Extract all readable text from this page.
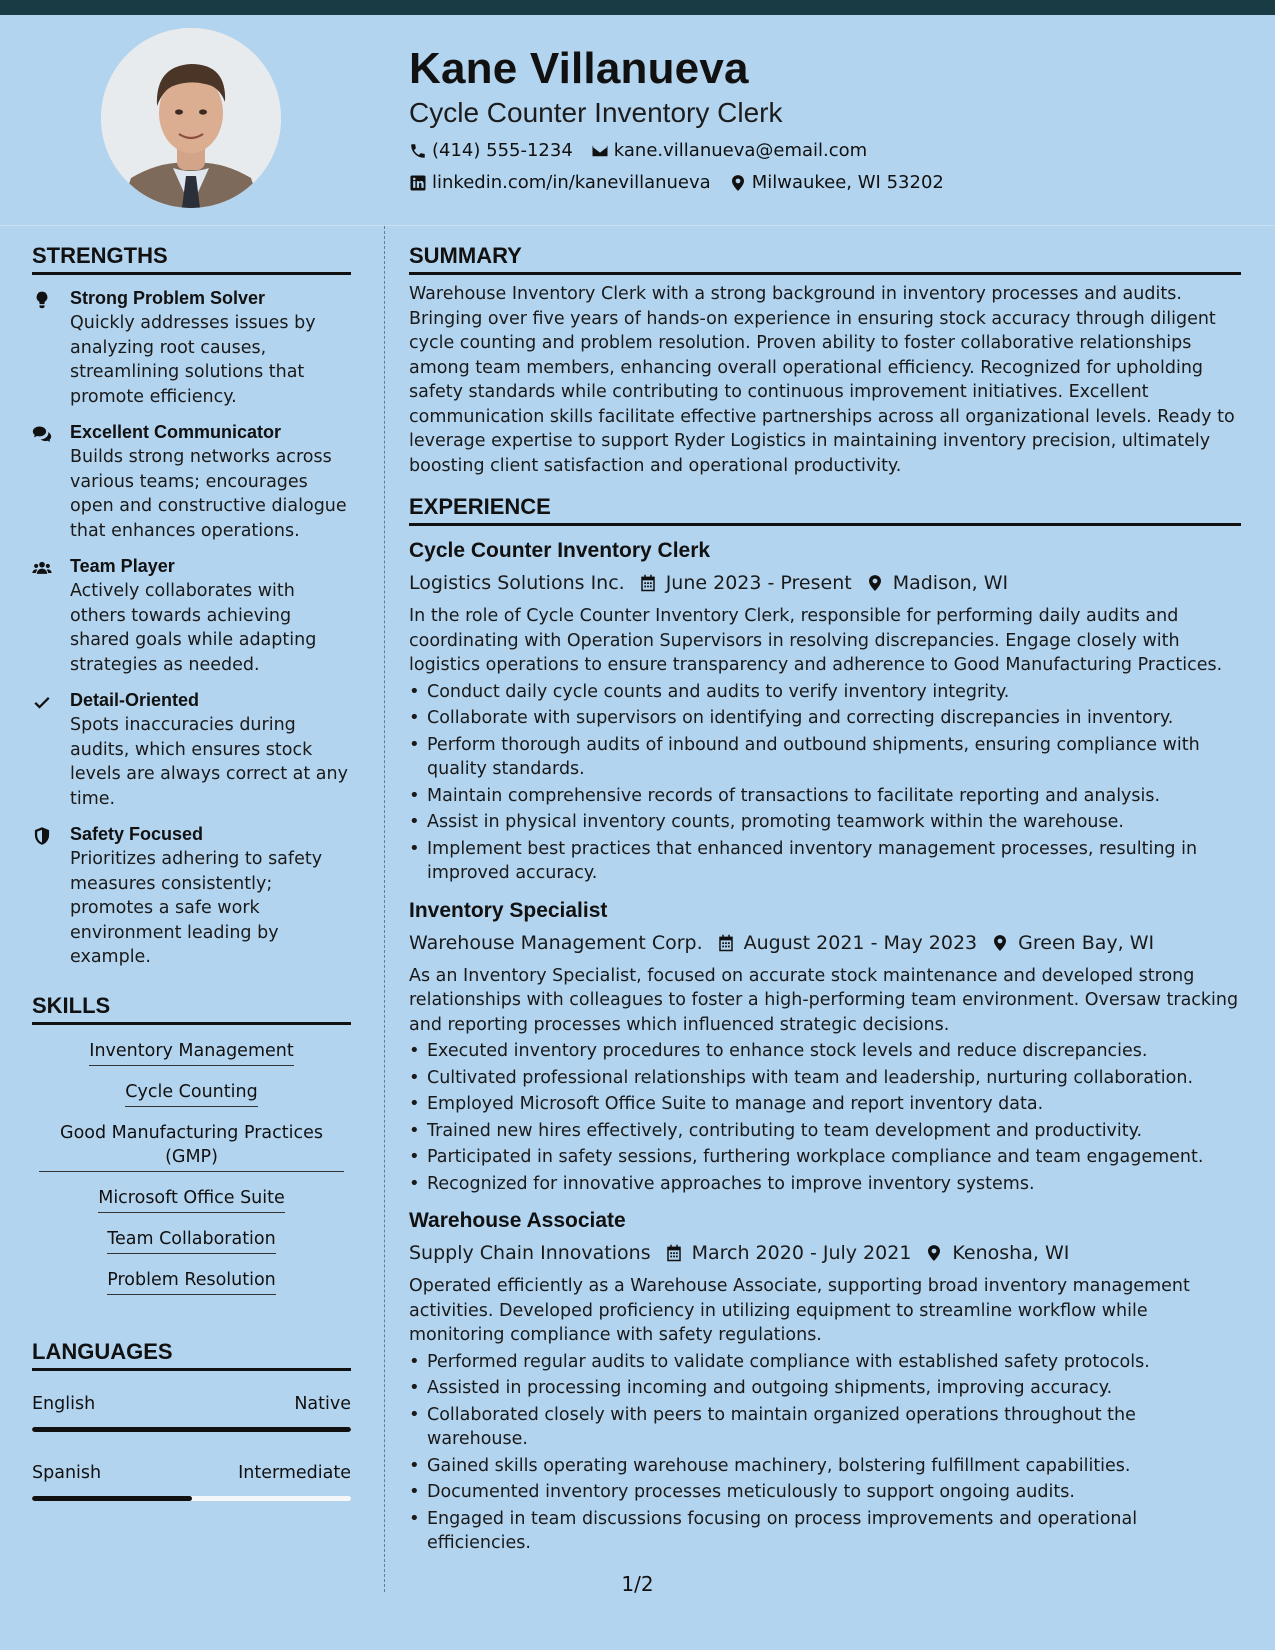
Kane Villanueva
Cycle Counter Inventory Clerk
(414) 555-1234 kane.villanueva@email.com
linkedin.com/in/kanevillanueva Milwaukee, WI 53202
STRENGTHS
Strong Problem Solver
Quickly addresses issues by analyzing root causes, streamlining solutions that promote efficiency.
Excellent Communicator
Builds strong networks across various teams; encourages open and constructive dialogue that enhances operations.
Team Player
Actively collaborates with others towards achieving shared goals while adapting strategies as needed.
Detail-Oriented
Spots inaccuracies during audits, which ensures stock levels are always correct at any time.
Safety Focused
Prioritizes adhering to safety measures consistently; promotes a safe work environment leading by example.
SKILLS
Inventory Management
Cycle Counting
Good Manufacturing Practices (GMP)
Microsoft Office Suite
Team Collaboration
Problem Resolution
LANGUAGES
English	Native
Spanish	Intermediate
SUMMARY
Warehouse Inventory Clerk with a strong background in inventory processes and audits. Bringing over five years of hands-on experience in ensuring stock accuracy through diligent cycle counting and problem resolution. Proven ability to foster collaborative relationships among team members, enhancing overall operational efficiency. Recognized for upholding safety standards while contributing to continuous improvement initiatives. Excellent communication skills facilitate effective partnerships across all organizational levels. Ready to leverage expertise to support Ryder Logistics in maintaining inventory precision, ultimately boosting client satisfaction and operational productivity.
EXPERIENCE
Cycle Counter Inventory Clerk
Logistics Solutions Inc. June 2023 - Present Madison, WI
In the role of Cycle Counter Inventory Clerk, responsible for performing daily audits and coordinating with Operation Supervisors in resolving discrepancies. Engage closely with logistics operations to ensure transparency and adherence to Good Manufacturing Practices.
• Conduct daily cycle counts and audits to verify inventory integrity.
• Collaborate with supervisors on identifying and correcting discrepancies in inventory.
• Perform thorough audits of inbound and outbound shipments, ensuring compliance with quality standards.
• Maintain comprehensive records of transactions to facilitate reporting and analysis.
• Assist in physical inventory counts, promoting teamwork within the warehouse.
• Implement best practices that enhanced inventory management processes, resulting in improved accuracy.
Inventory Specialist
Warehouse Management Corp. August 2021 - May 2023 Green Bay, WI
As an Inventory Specialist, focused on accurate stock maintenance and developed strong relationships with colleagues to foster a high-performing team environment. Oversaw tracking and reporting processes which influenced strategic decisions.
• Executed inventory procedures to enhance stock levels and reduce discrepancies.
• Cultivated professional relationships with team and leadership, nurturing collaboration.
• Employed Microsoft Office Suite to manage and report inventory data.
• Trained new hires effectively, contributing to team development and productivity.
• Participated in safety sessions, furthering workplace compliance and team engagement.
• Recognized for innovative approaches to improve inventory systems.
Warehouse Associate
Supply Chain Innovations March 2020 - July 2021 Kenosha, WI
Operated efficiently as a Warehouse Associate, supporting broad inventory management activities. Developed proficiency in utilizing equipment to streamline workflow while monitoring compliance with safety regulations.
• Performed regular audits to validate compliance with established safety protocols.
• Assisted in processing incoming and outgoing shipments, improving accuracy.
• Collaborated closely with peers to maintain organized operations throughout the warehouse.
• Gained skills operating warehouse machinery, bolstering fulfillment capabilities.
• Documented inventory processes meticulously to support ongoing audits.
• Engaged in team discussions focusing on process improvements and operational efficiencies.
1/2
